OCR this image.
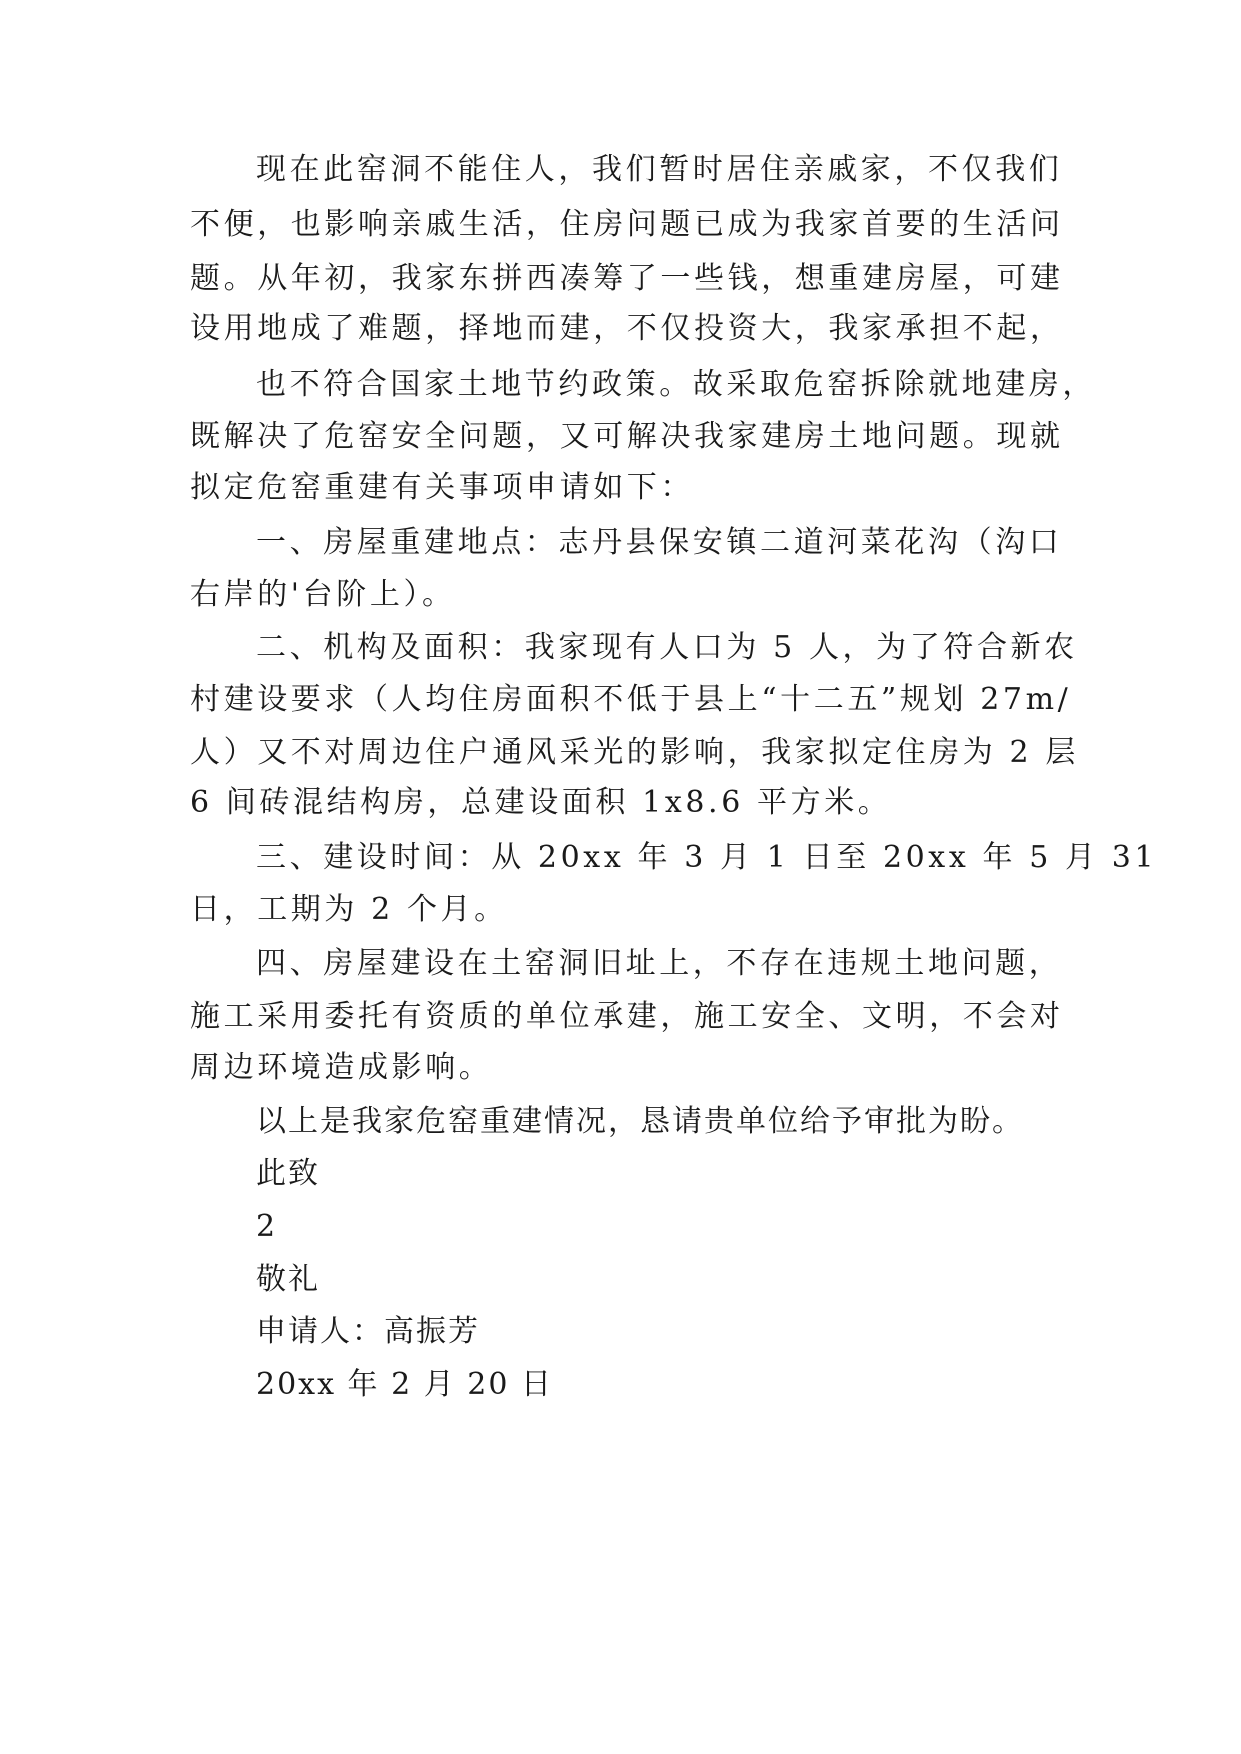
现在此窑洞不能住人，我们暂时居住亲戚家，不仅我们
不便，也影响亲戚生活，住房问题已成为我家首要的生活问
题。从年初，我家东拼西凑筹了一些钱，想重建房屋，可建
设用地成了难题，择地而建，不仅投资大，我家承担不起，
也不符合国家土地节约政策。故采取危窑拆除就地建房，
既解决了危窑安全问题，又可解决我家建房土地问题。现就
拟定危窑重建有关事项申请如下：
一、房屋重建地点：志丹县保安镇二道河菜花沟（沟口
右岸的'台阶上）。
二、机构及面积：我家现有人口为 5 人，为了符合新农
村建设要求（人均住房面积不低于县上“十二五”规划 27m/
人）又不对周边住户通风采光的影响，我家拟定住房为 2 层
6 间砖混结构房，总建设面积 1x8.6 平方米。
三、建设时间：从 20xx 年 3 月 1 日至 20xx 年 5 月 31
日，工期为 2 个月。
四、房屋建设在土窑洞旧址上，不存在违规土地问题，
施工采用委托有资质的单位承建，施工安全、文明，不会对
周边环境造成影响。
以上是我家危窑重建情况，恳请贵单位给予审批为盼。
此致
2
敬礼
申请人：高振芳
20xx 年 2 月 20 日
